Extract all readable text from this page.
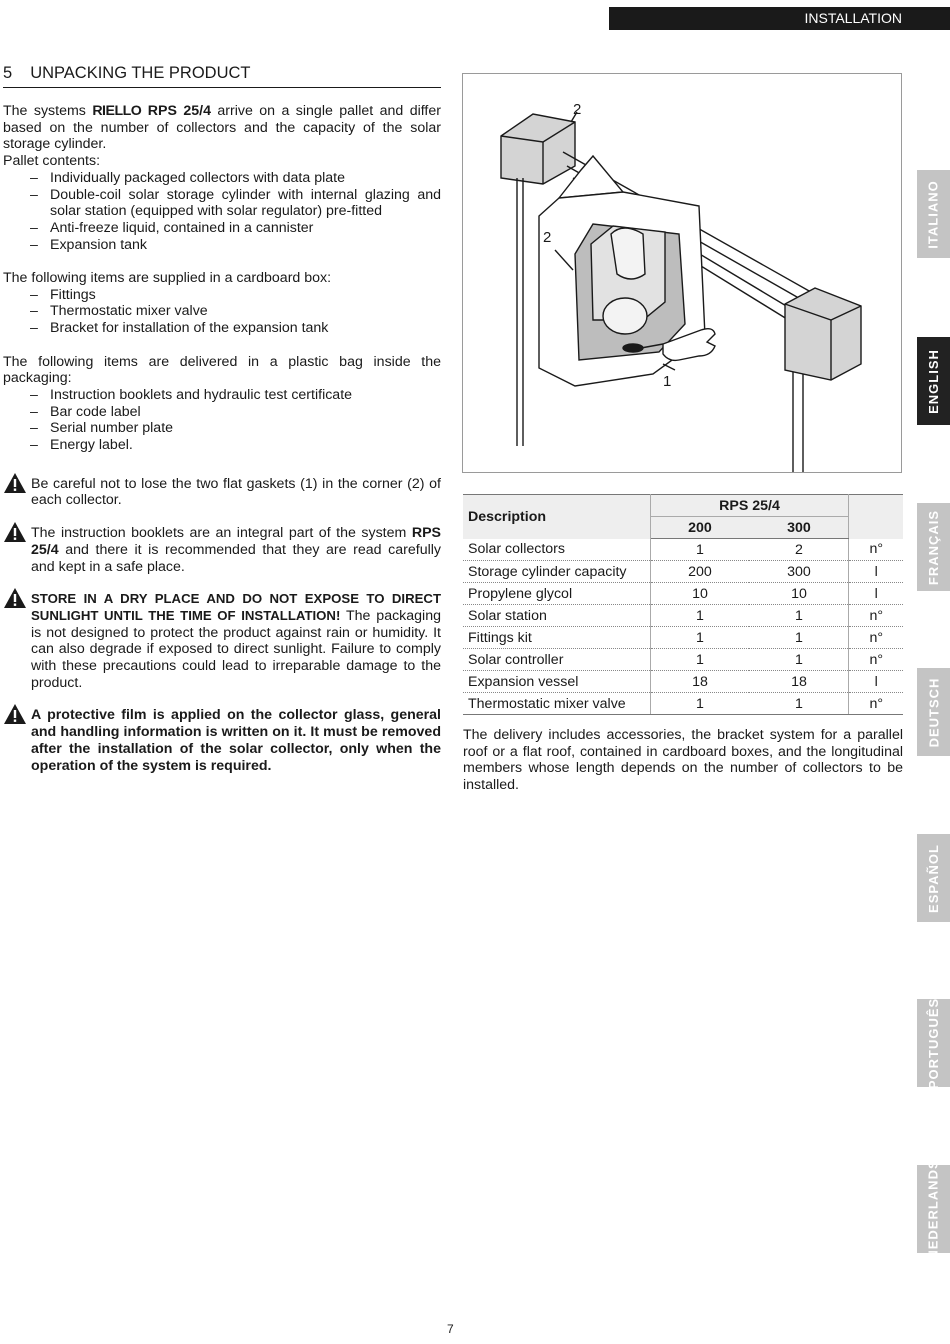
INSTALLATION
5 UNPACKING THE PRODUCT

The systems RIELLO RPS 25/4 arrive on a single pallet and differ based on the number of collectors and the capacity of the solar storage cylinder.

Pallet contents:

– Individually packaged collectors with data plate
– Double-coil solar storage cylinder with internal glazing and solar station (equipped with solar regulator) pre-fitted
– Anti-freeze liquid, contained in a cannister
– Expansion tank

The following items are supplied in a cardboard box:

– Fittings
– Thermostatic mixer valve
– Bracket for installation of the expansion tank

The following items are delivered in a plastic bag inside the packaging:

– Instruction booklets and hydraulic test certificate
– Bar code label
– Serial number plate
– Energy label.
Be careful not to lose the two flat gaskets (1) in the corner (2) of each collector.
The instruction booklets are an integral part of the system RPS 25/4 and there it is recommended that they are read carefully and kept in a safe place.
STORE IN A DRY PLACE AND DO NOT EXPOSE TO DIRECT SUNLIGHT UNTIL THE TIME OF INSTALLATION! The packaging is not designed to protect the product against rain or humidity. It can also degrade if exposed to direct sunlight. Failure to comply with these precautions could lead to irreparable damage to the product.
A protective film is applied on the collector glass, general and handling information is written on it. It must be removed after the installation of the solar collector, only when the operation of the system is required.
2
2
1
Description	RPS 25/4		
	200	300	
Solar collectors	1	2	n°
Storage cylinder capacity	200	300	l
Propylene glycol	10	10	l
Solar station	1	1	n°
Fittings kit	1	1	n°
Solar controller	1	1	n°
Expansion vessel	18	18	l
Thermostatic mixer valve	1	1	n°
The delivery includes accessories, the bracket system for a parallel roof or a flat roof, contained in cardboard boxes, and the longitudinal members whose length depends on the number of collectors to be installed.
ITALIANO
ENGLISH
FRANÇAIS
DEUTSCH
ESPAÑOL
PORTUGUÊS
NEDERLANDS
7
